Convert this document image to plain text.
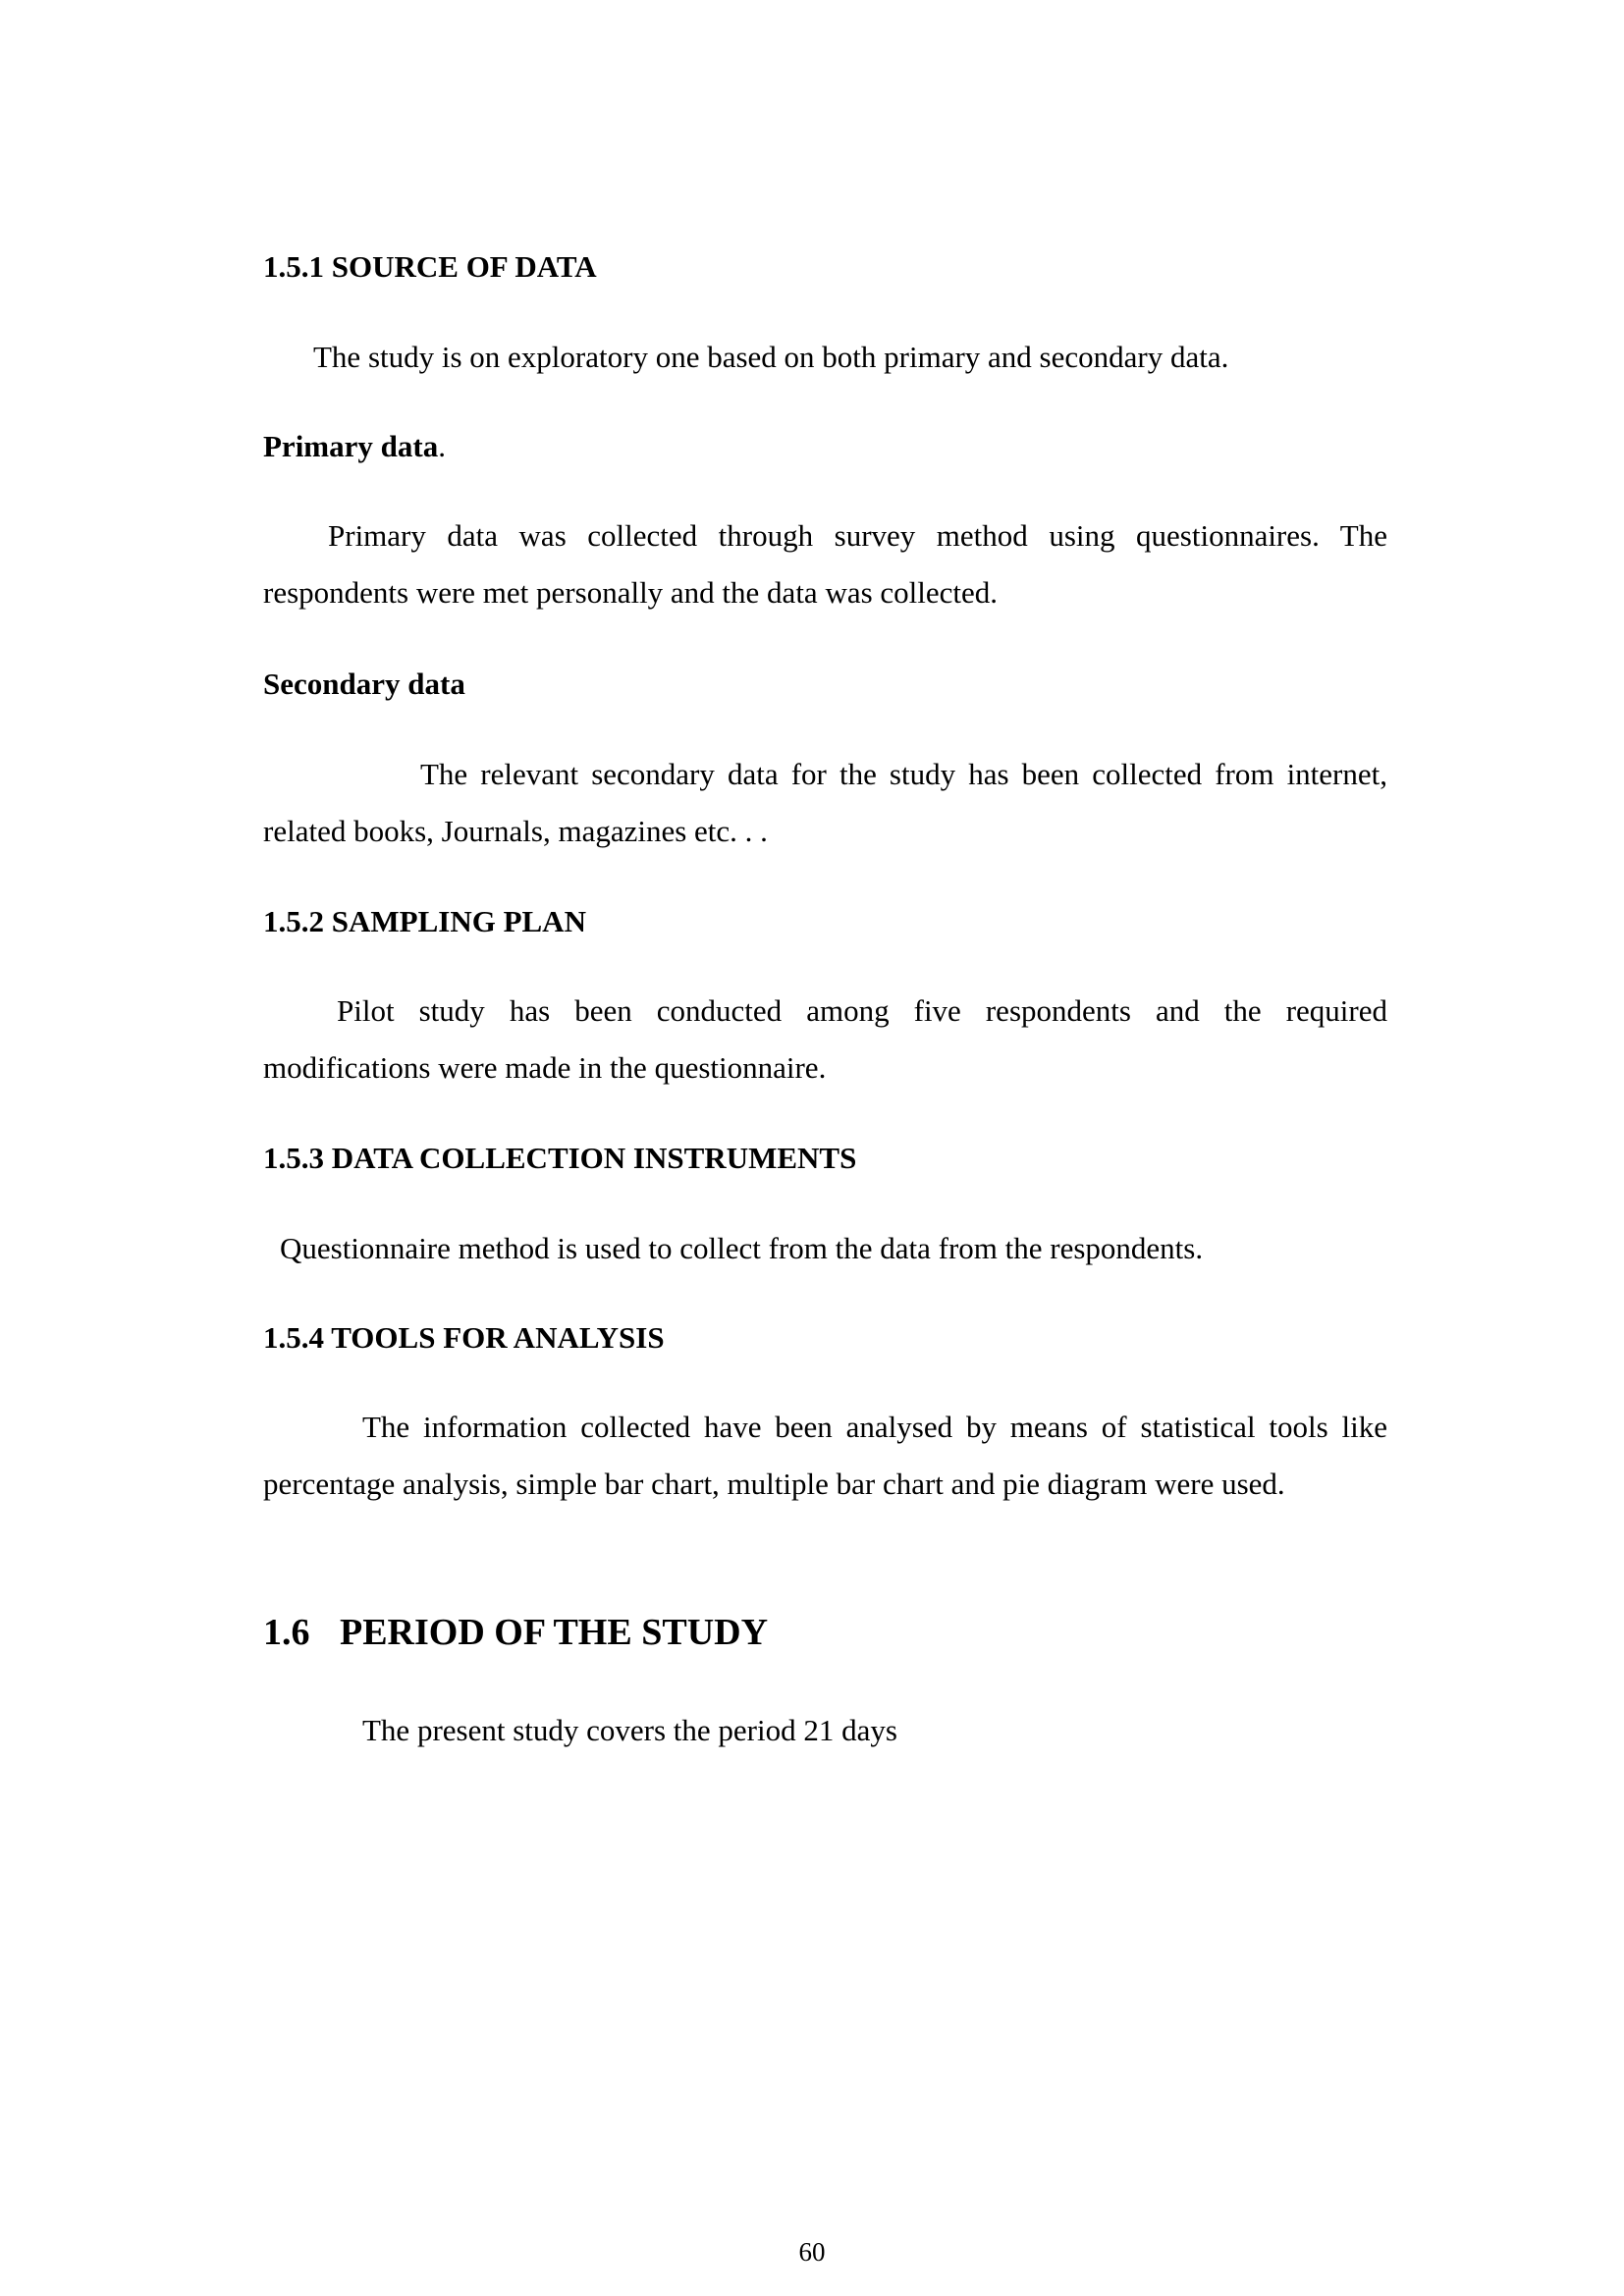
1.5.1 SOURCE OF DATA
The study is on exploratory one based on both primary and secondary data.
Primary data.
Primary data was collected through survey method using questionnaires. The respondents were met personally and the data was collected.
Secondary data
The relevant secondary data for the study has been collected from internet, related books, Journals, magazines etc. . .
1.5.2 SAMPLING PLAN
Pilot study has been conducted among five respondents and the required modifications were made in the questionnaire.
1.5.3 DATA COLLECTION INSTRUMENTS
Questionnaire method is used to collect from the data from the respondents.
1.5.4 TOOLS FOR ANALYSIS
The information collected have been analysed by means of statistical tools like percentage analysis, simple bar chart, multiple bar chart and pie diagram were used.
1.6 PERIOD OF THE STUDY
The present study covers the period 21 days
60
